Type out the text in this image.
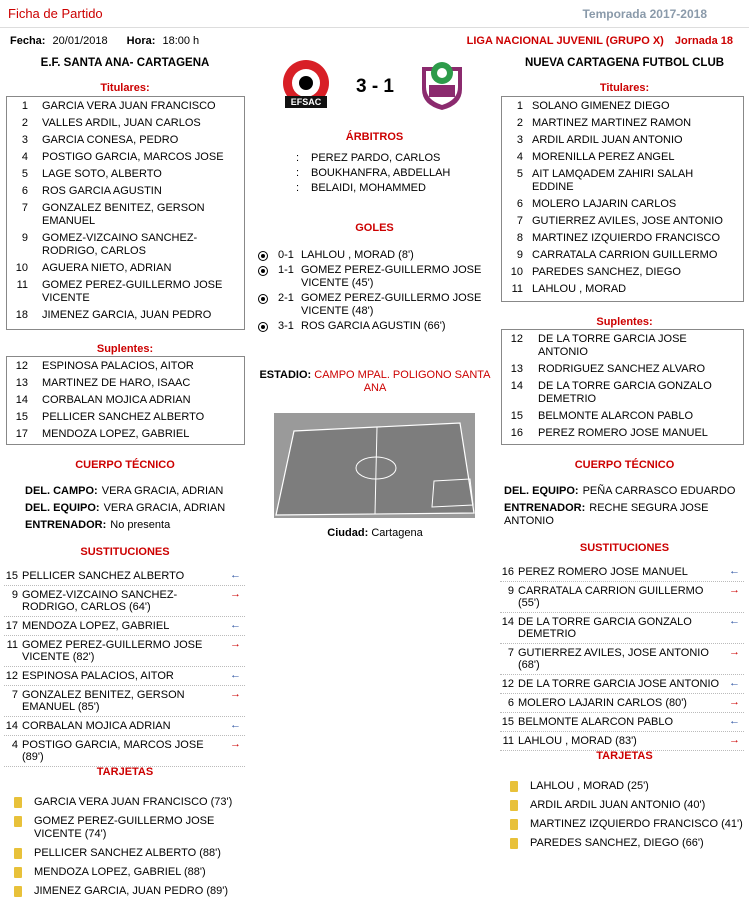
Ficha de Partido	Temporada 2017-2018
Fecha: 20/01/2018 Hora: 18:00 h	LIGA NACIONAL JUVENIL (GRUPO X) Jornada 18
E.F. SANTA ANA- CARTAGENA	NUEVA CARTAGENA FUTBOL CLUB
EFSAC
3 - 1
ÁRBITROS
: PEREZ PARDO, CARLOS
: BOUKHANFRA, ABDELLAH
: BELAIDI, MOHAMMED
GOLES
0-1 LAHLOU , MORAD (8')
1-1 GOMEZ PEREZ-GUILLERMO JOSE VICENTE (45')
2-1 GOMEZ PEREZ-GUILLERMO JOSE VICENTE (48')
3-1 ROS GARCIA AGUSTIN (66')
ESTADIO: CAMPO MPAL. POLIGONO SANTA ANA
Ciudad: Cartagena
Titulares:
1 GARCIA VERA JUAN FRANCISCO
2 VALLES ARDIL, JUAN CARLOS
3 GARCIA CONESA, PEDRO
4 POSTIGO GARCIA, MARCOS JOSE
5 LAGE SOTO, ALBERTO
6 ROS GARCIA AGUSTIN
7 GONZALEZ BENITEZ, GERSON EMANUEL
9 GOMEZ-VIZCAINO SANCHEZ-RODRIGO, CARLOS
10 AGUERA NIETO, ADRIAN
11 GOMEZ PEREZ-GUILLERMO JOSE VICENTE
18 JIMENEZ GARCIA, JUAN PEDRO
Suplentes:
12 ESPINOSA PALACIOS, AITOR
13 MARTINEZ DE HARO, ISAAC
14 CORBALAN MOJICA ADRIAN
15 PELLICER SANCHEZ ALBERTO
17 MENDOZA LOPEZ, GABRIEL
CUERPO TÉCNICO
DEL. CAMPO: VERA GRACIA, ADRIAN
DEL. EQUIPO: VERA GRACIA, ADRIAN
ENTRENADOR: No presenta
SUSTITUCIONES
15 PELLICER SANCHEZ ALBERTO	←
9 GOMEZ-VIZCAINO SANCHEZ-RODRIGO, CARLOS (64')
→
17 MENDOZA LOPEZ, GABRIEL	←
11 GOMEZ PEREZ-GUILLERMO JOSE VICENTE (82')
→
12 ESPINOSA PALACIOS, AITOR	←
7 GONZALEZ BENITEZ, GERSON EMANUEL (85')
→
14 CORBALAN MOJICA ADRIAN	←
4 POSTIGO GARCIA, MARCOS JOSE (89')
→
TARJETAS
GARCIA VERA JUAN FRANCISCO (73')
GOMEZ PEREZ-GUILLERMO JOSE VICENTE (74')
PELLICER SANCHEZ ALBERTO (88')
MENDOZA LOPEZ, GABRIEL (88')
JIMENEZ GARCIA, JUAN PEDRO (89')
Titulares:
1 SOLANO GIMENEZ DIEGO
2 MARTINEZ MARTINEZ RAMON
3 ARDIL ARDIL JUAN ANTONIO
4 MORENILLA PEREZ ANGEL
5 AIT LAMQADEM ZAHIRI SALAH EDDINE
6 MOLERO LAJARIN CARLOS
7 GUTIERREZ AVILES, JOSE ANTONIO
8 MARTINEZ IZQUIERDO FRANCISCO
9 CARRATALA CARRION GUILLERMO
10 PAREDES SANCHEZ, DIEGO
11 LAHLOU , MORAD
Suplentes:
12 DE LA TORRE GARCIA JOSE ANTONIO
13 RODRIGUEZ SANCHEZ ALVARO
14 DE LA TORRE GARCIA GONZALO DEMETRIO
15 BELMONTE ALARCON PABLO
16 PEREZ ROMERO JOSE MANUEL
CUERPO TÉCNICO
DEL. EQUIPO: PEÑA CARRASCO EDUARDO
ENTRENADOR: RECHE SEGURA JOSE ANTONIO
SUSTITUCIONES
16 PEREZ ROMERO JOSE MANUEL	←
9 CARRATALA CARRION GUILLERMO (55')
→
14 DE LA TORRE GARCIA GONZALO DEMETRIO
←
7 GUTIERREZ AVILES, JOSE ANTONIO (68')
→
12 DE LA TORRE GARCIA JOSE ANTONIO ←
6 MOLERO LAJARIN CARLOS (80')	→
15 BELMONTE ALARCON PABLO	←
11 LAHLOU , MORAD (83')	→
TARJETAS
LAHLOU , MORAD (25')
ARDIL ARDIL JUAN ANTONIO (40')
MARTINEZ IZQUIERDO FRANCISCO (41')
PAREDES SANCHEZ, DIEGO (66')
